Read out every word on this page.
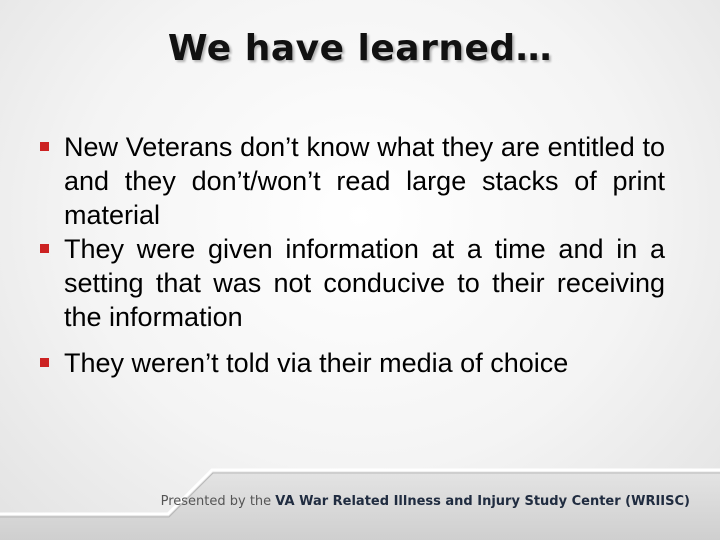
We have learned…
New Veterans don’t know what they are entitled to and they don’t/won’t read large stacks of print material
They were given information at a time and in a setting that was not conducive to their receiving the information
They weren’t told via their media of choice
Presented by the VA War Related Illness and Injury Study Center (WRIISC)
